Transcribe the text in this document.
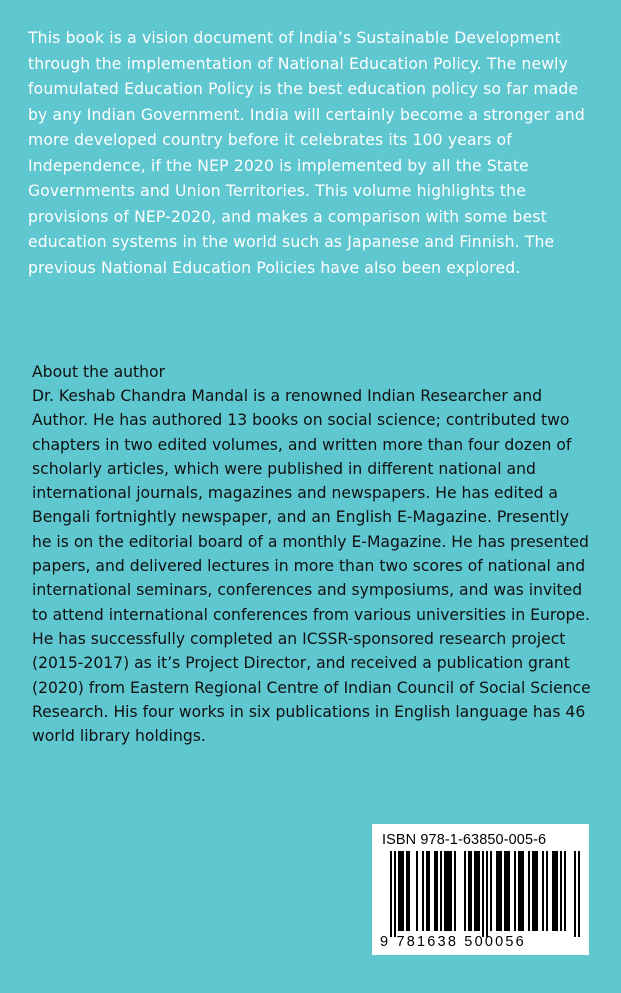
This book is a vision document of India’s Sustainable Development through the implementation of National Education Policy. The newly foumulated Education Policy is the best education policy so far made by any Indian Government. India will certainly become a stronger and more developed country before it celebrates its 100 years of Independence, if the NEP 2020 is implemented by all the State Governments and Union Territories. This volume highlights the provisions of NEP-2020, and makes a comparison with some best education systems in the world such as Japanese and Finnish. The previous National Education Policies have also been explored.

About the author

Dr. Keshab Chandra Mandal is a renowned Indian Researcher and Author. He has authored 13 books on social science; contributed two chapters in two edited volumes, and written more than four dozen of scholarly articles, which were published in different national and international journals, magazines and newspapers. He has edited a Bengali fortnightly newspaper, and an English E-Magazine. Presently he is on the editorial board of a monthly E-Magazine. He has presented papers, and delivered lectures in more than two scores of national and international seminars, conferences and symposiums, and was invited to attend international conferences from various universities in Europe. He has successfully completed an ICSSR-sponsored research project (2015-2017) as it’s Project Director, and received a publication grant (2020) from Eastern Regional Centre of Indian Council of Social Science Research. His four works in six publications in English language has 46 world library holdings.

ISBN 978-1-63850-005-6
9 781638 500056
